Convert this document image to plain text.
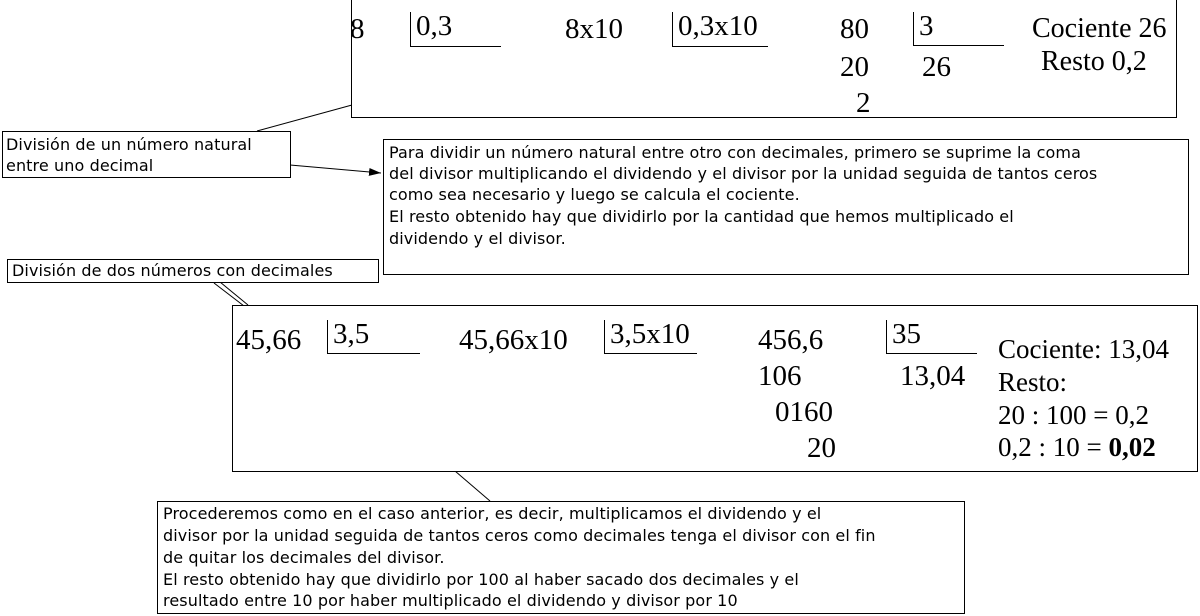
8 0,3	8x10 0,3x10	80
20
2
3
26
Cociente 26
Resto 0,2
División de un número natural
entre uno decimal
Para dividir un número natural entre otro con decimales, primero se suprime la coma
del divisor multiplicando el dividendo y el divisor por la unidad seguida de tantos ceros
como sea necesario y luego se calcula el cociente.
El resto obtenido hay que dividirlo por la cantidad que hemos multiplicado el
dividendo y el divisor.
División de dos números con decimales
45,66 3,5	45,66x10 3,5x10 456,6
106
0160
20
35
13,04
Cociente: 13,04
Resto:
20 : 100 = 0,2
0,2 : 10 = 0,02
Procederemos como en el caso anterior, es decir, multiplicamos el dividendo y el
divisor por la unidad seguida de tantos ceros como decimales tenga el divisor con el fin
de quitar los decimales del divisor.
El resto obtenido hay que dividirlo por 100 al haber sacado dos decimales y el
resultado entre 10 por haber multiplicado el dividendo y divisor por 10
